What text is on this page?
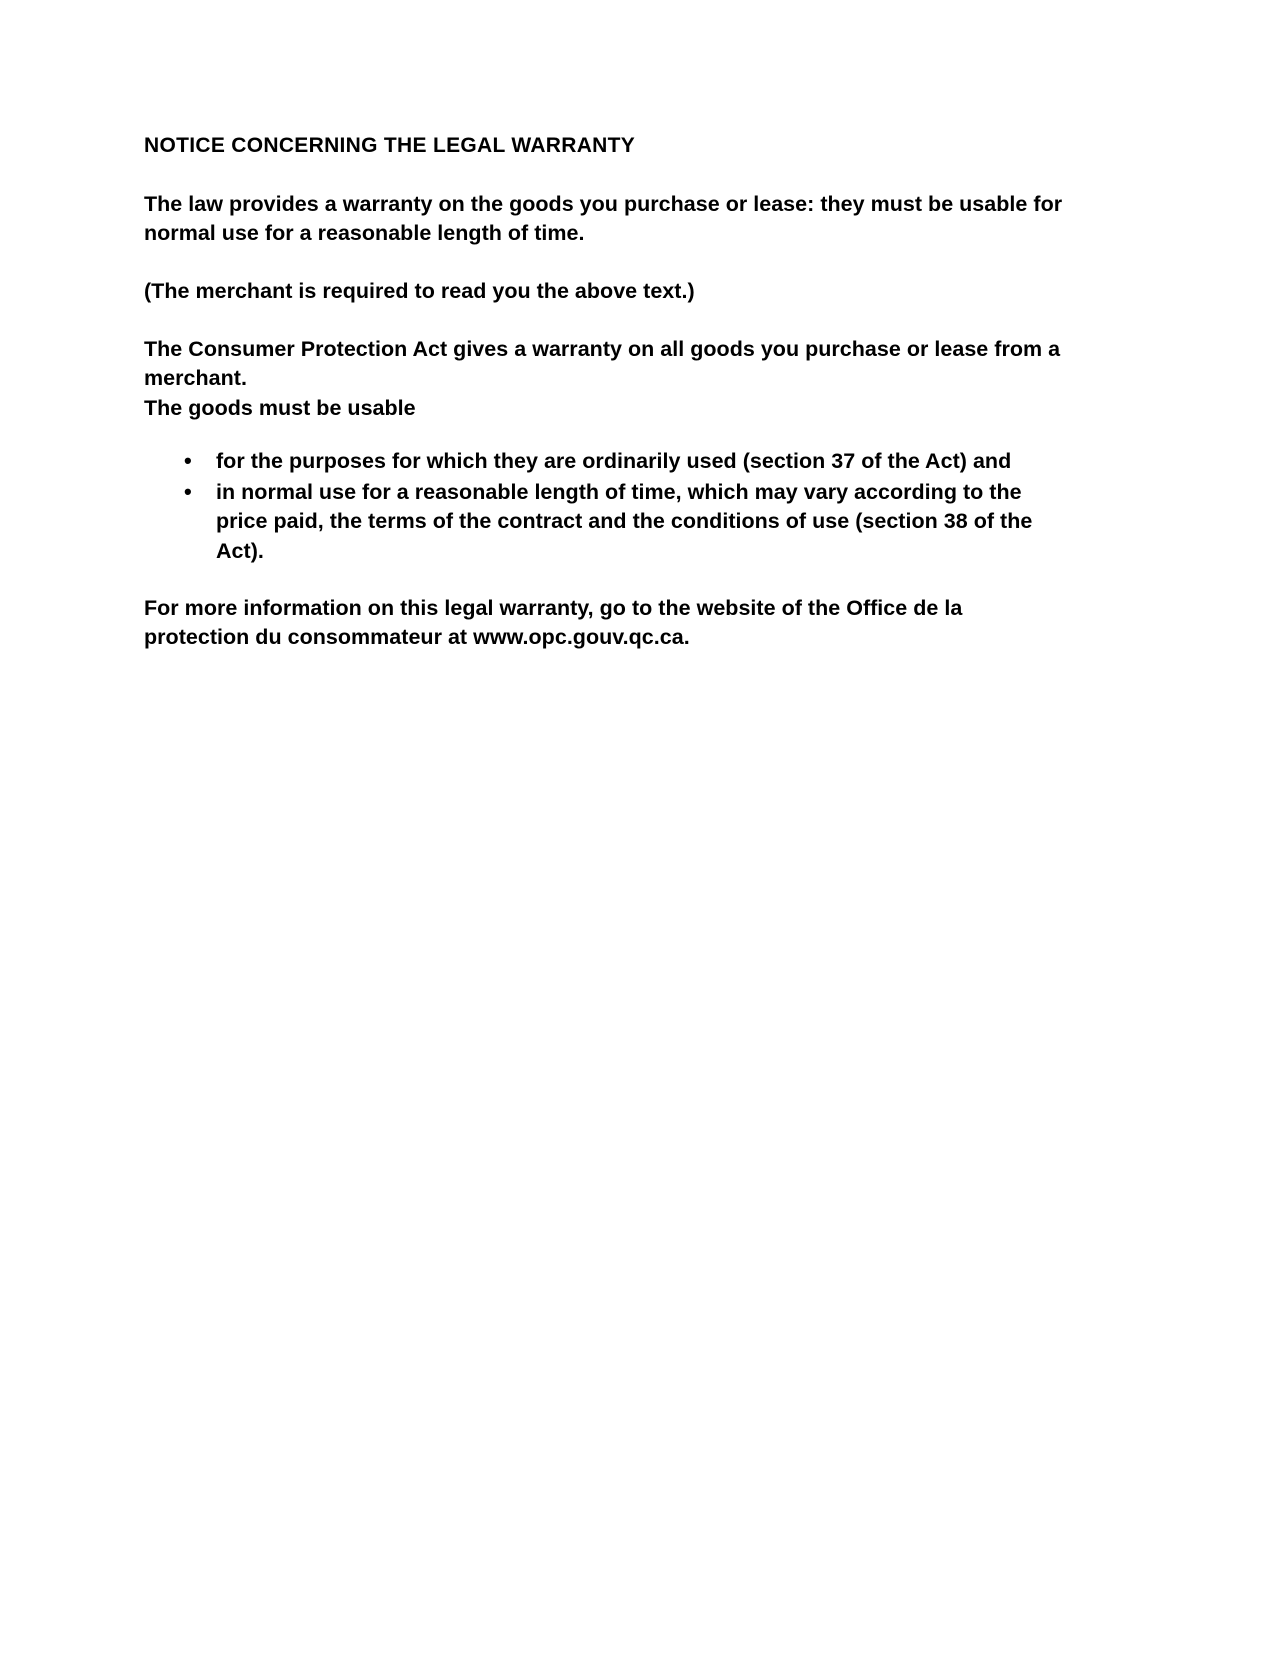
NOTICE CONCERNING THE LEGAL WARRANTY

The law provides a warranty on the goods you purchase or lease: they must be usable for normal use for a reasonable length of time.

(The merchant is required to read you the above text.)

The Consumer Protection Act gives a warranty on all goods you purchase or lease from a merchant.

The goods must be usable

• for the purposes for which they are ordinarily used (section 37 of the Act) and
• in normal use for a reasonable length of time, which may vary according to the price paid, the terms of the contract and the conditions of use (section 38 of the Act).

For more information on this legal warranty, go to the website of the Office de la protection du consommateur at www.opc.gouv.qc.ca.
